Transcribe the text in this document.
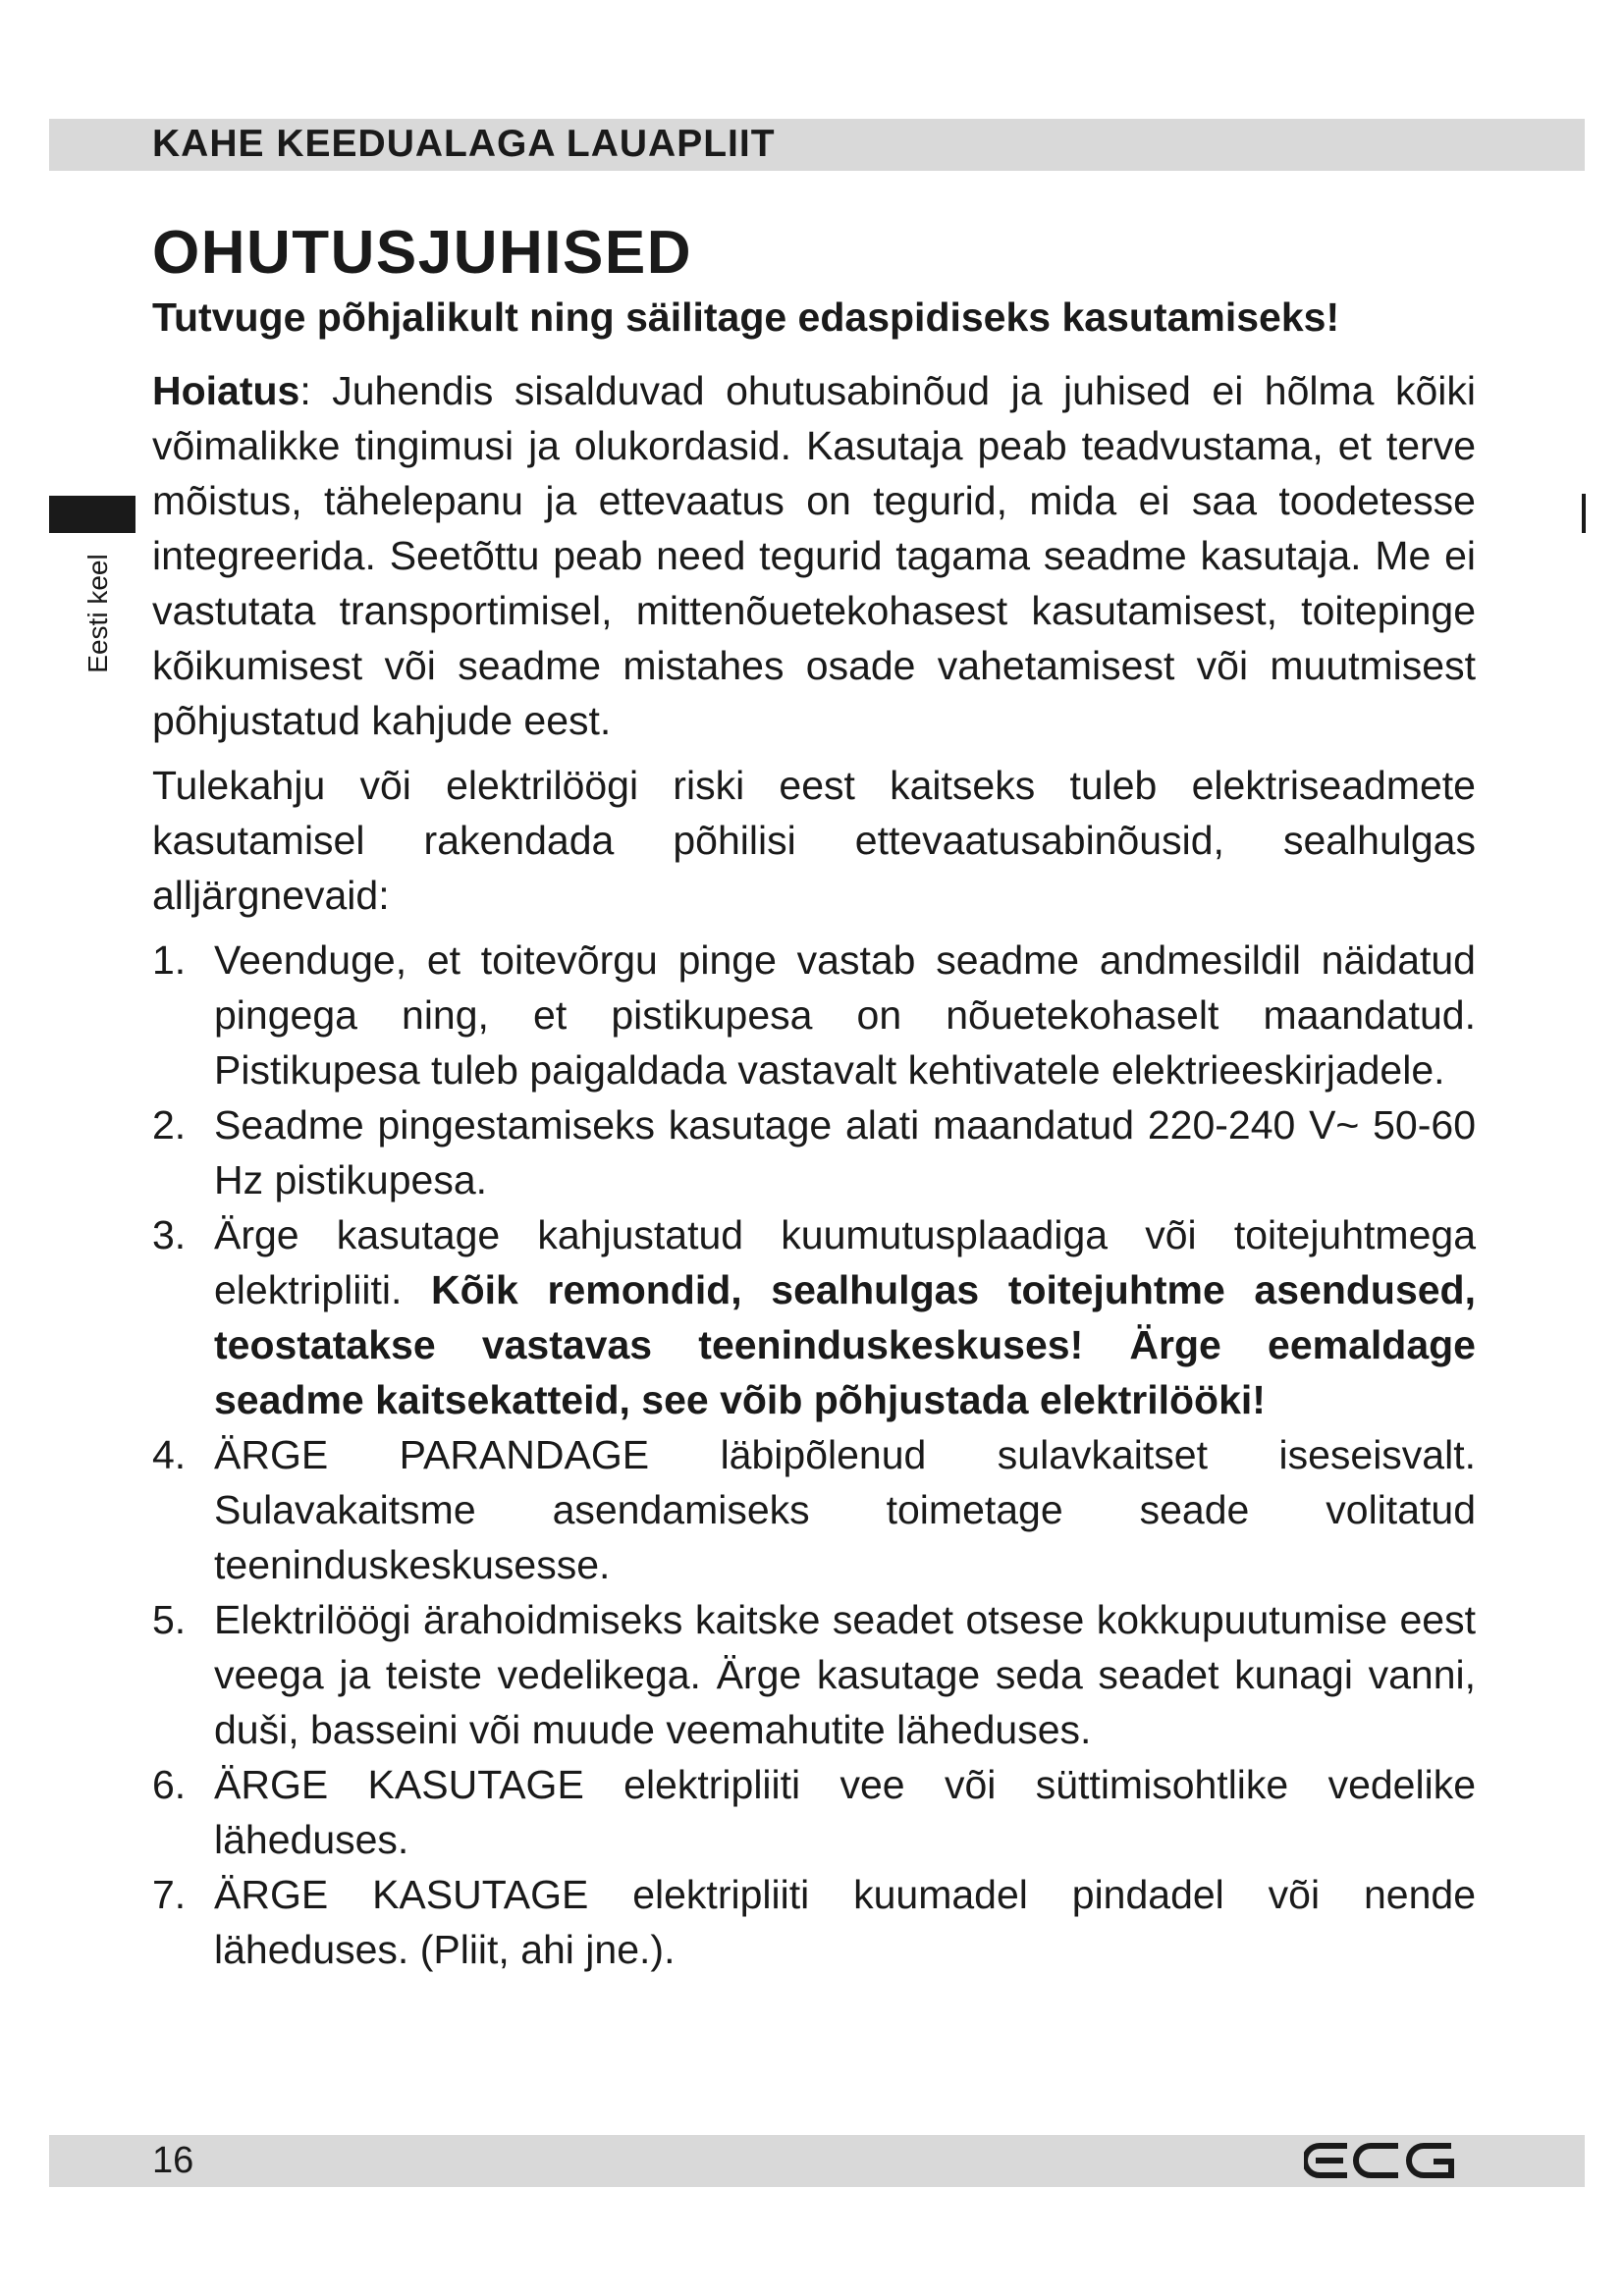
KAHE KEEDUALAGA LAUAPLIIT
Eesti keel
OHUTUSJUHISED
Tutvuge põhjalikult ning säilitage edaspidiseks kasutamiseks!

Hoiatus: Juhendis sisalduvad ohutusabinõud ja juhised ei hõlma kõiki võimalikke tingimusi ja olukordasid. Kasutaja peab teadvustama, et terve mõistus, tähelepanu ja ettevaatus on tegurid, mida ei saa toodetesse integreerida. Seetõttu peab need tegurid tagama seadme kasutaja. Me ei vastutata transportimisel, mittenõuetekohasest kasutamisest, toitepinge kõikumisest või seadme mistahes osade vahetamisest või muutmisest põhjustatud kahjude eest.

Tulekahju või elektrilöögi riski eest kaitseks tuleb elektriseadmete kasutamisel rakendada põhilisi ettevaatusabinõusid, sealhulgas alljärgnevaid:

1. Veenduge, et toitevõrgu pinge vastab seadme andmesildil näidatud pingega ning, et pistikupesa on nõuetekohaselt maandatud. Pistikupesa tuleb paigaldada vastavalt kehtivatele elektrieeskirjadele.
2. Seadme pingestamiseks kasutage alati maandatud 220-240 V~ 50-60 Hz pistikupesa.
3. Ärge kasutage kahjustatud kuumutusplaadiga või toitejuhtmega elektripliiti. Kõik remondid, sealhulgas toitejuhtme asendused, teostatakse vastavas teeninduskeskuses! Ärge eemaldage seadme kaitsekatteid, see võib põhjustada elektrilööki!
4. ÄRGE PARANDAGE läbipõlenud sulavkaitset iseseisvalt. Sulavakaitsme asendamiseks toimetage seade volitatud teeninduskeskusesse.
5. Elektrilöögi ärahoidmiseks kaitske seadet otsese kokkupuutumise eest veega ja teiste vedelikega. Ärge kasutage seda seadet kunagi vanni, duši, basseini või muude veemahutite läheduses.
6. ÄRGE KASUTAGE elektripliiti vee või süttimisohtlike vedelike läheduses.
7. ÄRGE KASUTAGE elektripliiti kuumadel pindadel või nende läheduses. (Pliit, ahi jne.).
16
